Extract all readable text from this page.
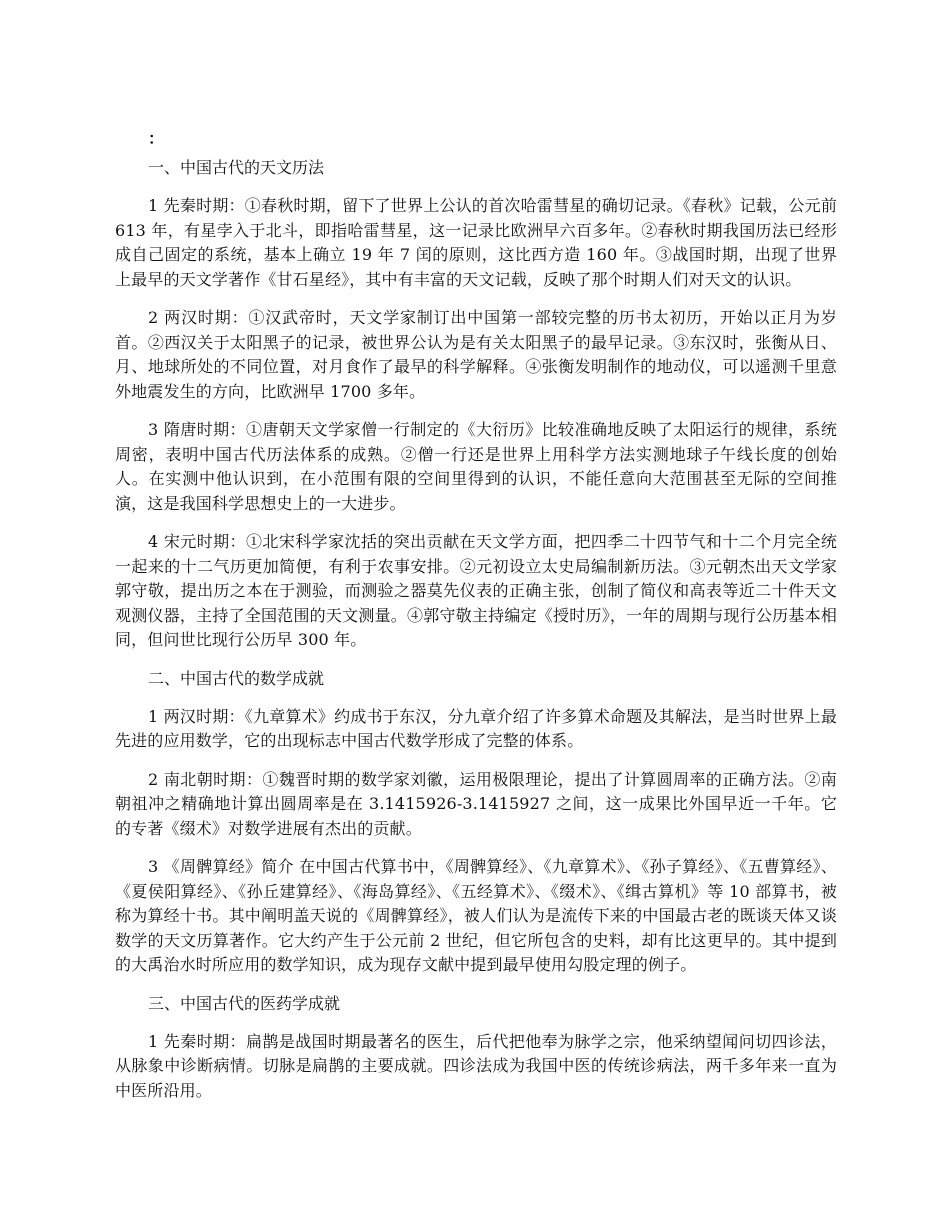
：
一、中国古代的天文历法

1 先秦时期：①春秋时期，留下了世界上公认的首次哈雷彗星的确切记录。《春秋》记载，公元前 613 年，有星孛入于北斗，即指哈雷彗星，这一记录比欧洲早六百多年。②春秋时期我国历法已经形成自己固定的系统，基本上确立 19 年 7 闰的原则，这比西方造 160 年。③战国时期，出现了世界上最早的天文学著作《甘石星经》，其中有丰富的天文记载，反映了那个时期人们对天文的认识。

2 两汉时期：①汉武帝时，天文学家制订出中国第一部较完整的历书太初历，开始以正月为岁首。②西汉关于太阳黑子的记录，被世界公认为是有关太阳黑子的最早记录。③东汉时，张衡从日、月、地球所处的不同位置，对月食作了最早的科学解释。④张衡发明制作的地动仪，可以遥测千里意外地震发生的方向，比欧洲早 1700 多年。

3 隋唐时期：①唐朝天文学家僧一行制定的《大衍历》比较准确地反映了太阳运行的规律，系统周密，表明中国古代历法体系的成熟。②僧一行还是世界上用科学方法实测地球子午线长度的创始人。在实测中他认识到，在小范围有限的空间里得到的认识，不能任意向大范围甚至无际的空间推演，这是我国科学思想史上的一大进步。

4 宋元时期：①北宋科学家沈括的突出贡献在天文学方面，把四季二十四节气和十二个月完全统一起来的十二气历更加简便，有利于农事安排。②元初设立太史局编制新历法。③元朝杰出天文学家郭守敬，提出历之本在于测验，而测验之器莫先仪表的正确主张，创制了简仪和高表等近二十件天文观测仪器，主持了全国范围的天文测量。④郭守敬主持编定《授时历》，一年的周期与现行公历基本相同，但问世比现行公历早 300 年。

二、中国古代的数学成就

1 两汉时期：《九章算术》约成书于东汉，分九章介绍了许多算术命题及其解法，是当时世界上最先进的应用数学，它的出现标志中国古代数学形成了完整的体系。

2 南北朝时期：①魏晋时期的数学家刘徽，运用极限理论，提出了计算圆周率的正确方法。②南朝祖冲之精确地计算出圆周率是在 3.1415926-3.1415927 之间，这一成果比外国早近一千年。它的专著《缀术》对数学进展有杰出的贡献。

3 《周髀算经》简介 在中国古代算书中，《周髀算经》、《九章算术》、《孙子算经》、《五曹算经》、《夏侯阳算经》、《孙丘建算经》、《海岛算经》、《五经算术》、《缀术》、《缉古算机》等 10 部算书，被称为算经十书。其中阐明盖天说的《周髀算经》，被人们认为是流传下来的中国最古老的既谈天体又谈数学的天文历算著作。它大约产生于公元前 2 世纪，但它所包含的史料，却有比这更早的。其中提到的大禹治水时所应用的数学知识，成为现存文献中提到最早使用勾股定理的例子。

三、中国古代的医药学成就

1 先秦时期：扁鹊是战国时期最著名的医生，后代把他奉为脉学之宗，他采纳望闻问切四诊法，从脉象中诊断病情。切脉是扁鹊的主要成就。四诊法成为我国中医的传统诊病法，两千多年来一直为中医所沿用。
